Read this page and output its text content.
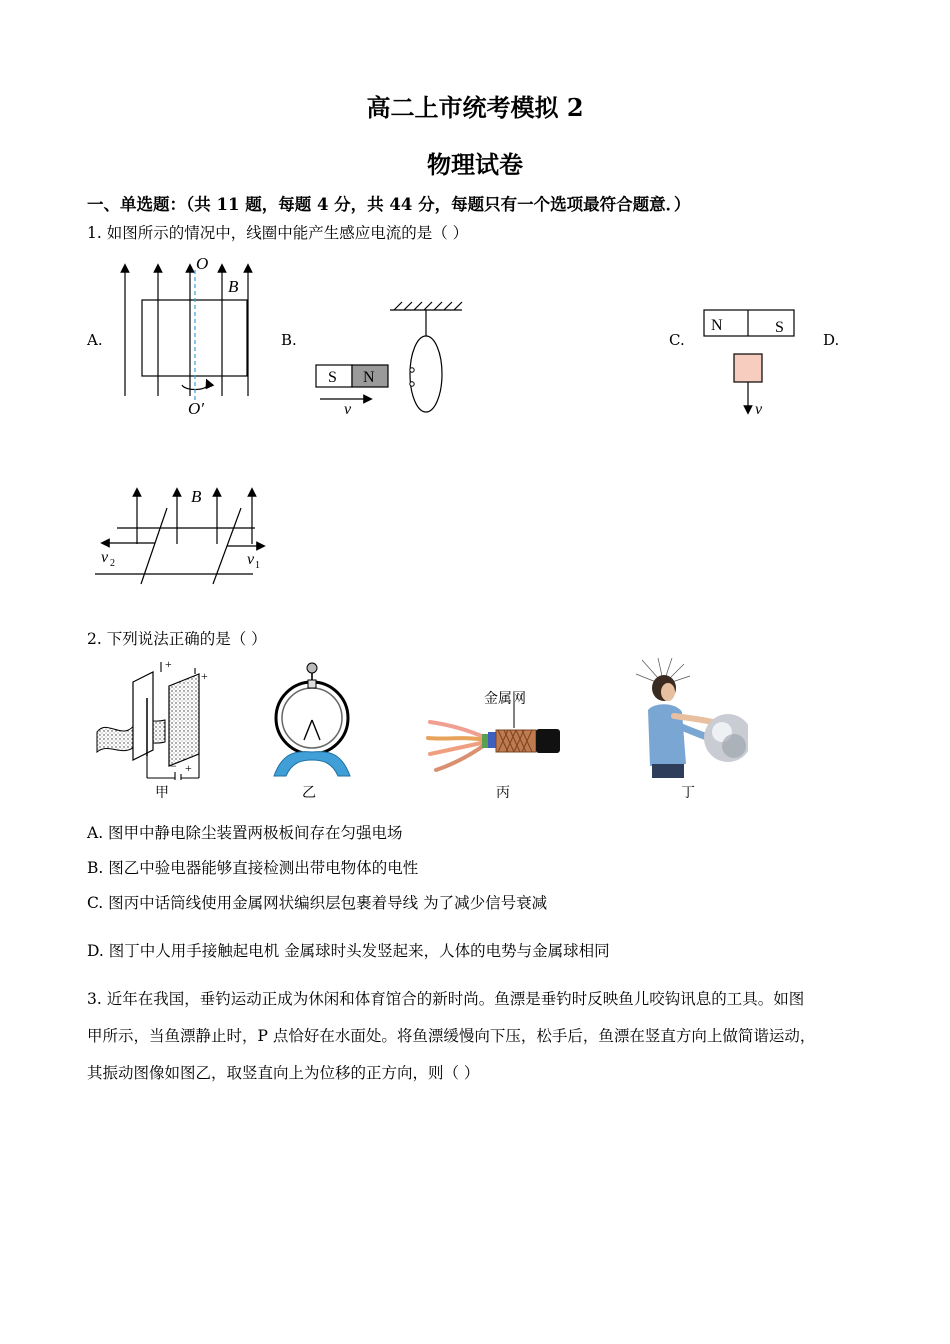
高二上市统考模拟 2
物理试卷
一、单选题：（共 11 题，每题 4 分，共 44 分，每题只有一个选项最符合题意．）
1. 如图所示的情况中，线圈中能产生感应电流的是（ ）
A.	B.	C.	D.
O
O′
B
S N
v
N	S
v
B
v 2	v 1
2. 下列说法正确的是（ ）
+
+
− +
甲	乙
金属网
丙	丁
A. 图甲中静电除尘装置两极板间存在匀强电场
B. 图乙中验电器能够直接检测出带电物体的电性
C. 图丙中话筒线使用金属网状编织层包裹着导线 为了减少信号衰减
D. 图丁中人用手接触起电机 金属球时头发竖起来，人体的电势与金属球相同
3. 近年在我国，垂钓运动正成为休闲和体育馆合的新时尚。鱼漂是垂钓时反映鱼儿咬钩讯息的工具。如图
甲所示，当鱼漂静止时，P 点恰好在水面处。将鱼漂缓慢向下压，松手后，鱼漂在竖直方向上做简谐运动，
其振动图像如图乙，取竖直向上为位移的正方向，则（ ）
